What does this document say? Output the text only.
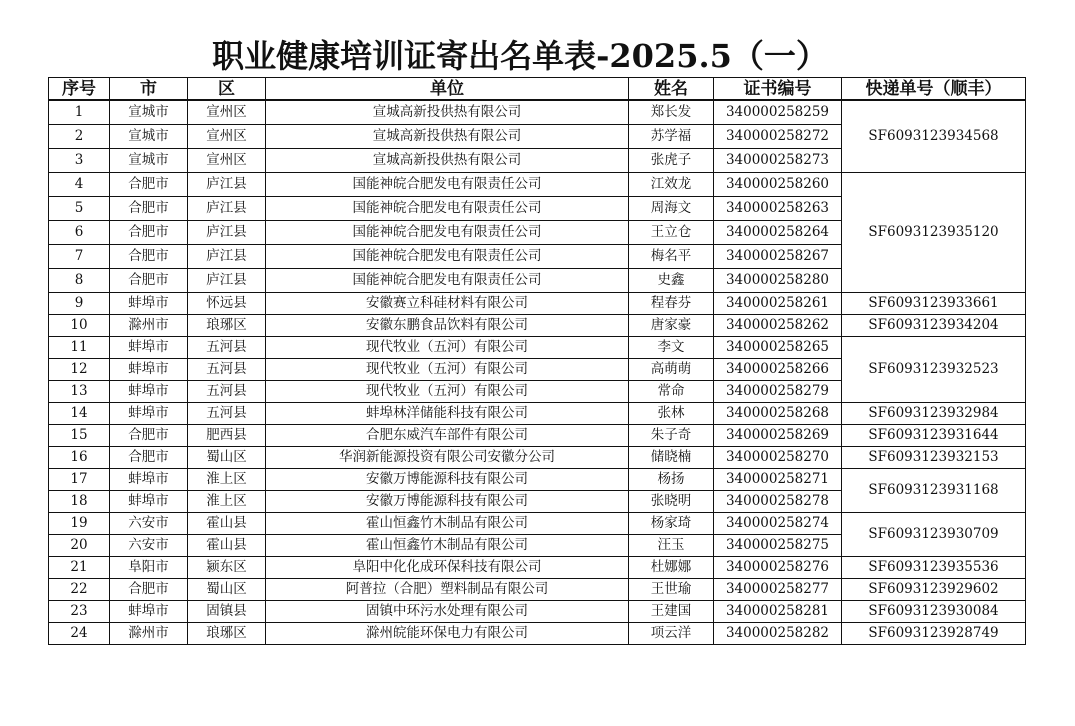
职业健康培训证寄出名单表-2025.5（一）
序号	市	区	单位	姓名	证书编号	快递单号（顺丰）
1	宣城市	宣州区	宣城高新投供热有限公司	郑长发	340000258259	SF6093123934568
2	宣城市	宣州区	宣城高新投供热有限公司	苏学福	340000258272	
3	宣城市	宣州区	宣城高新投供热有限公司	张虎子	340000258273	
4	合肥市	庐江县	国能神皖合肥发电有限责任公司	江效龙	340000258260	SF6093123935120
5	合肥市	庐江县	国能神皖合肥发电有限责任公司	周海文	340000258263	
6	合肥市	庐江县	国能神皖合肥发电有限责任公司	王立仓	340000258264	
7	合肥市	庐江县	国能神皖合肥发电有限责任公司	梅名平	340000258267	
8	合肥市	庐江县	国能神皖合肥发电有限责任公司	史鑫	340000258280	
9	蚌埠市	怀远县	安徽赛立科硅材料有限公司	程春芬	340000258261	SF6093123933661
10	滁州市	琅琊区	安徽东鹏食品饮料有限公司	唐家豪	340000258262	SF6093123934204
11	蚌埠市	五河县	现代牧业（五河）有限公司	李文	340000258265	SF6093123932523
12	蚌埠市	五河县	现代牧业（五河）有限公司	高萌萌	340000258266	
13	蚌埠市	五河县	现代牧业（五河）有限公司	常命	340000258279	
14	蚌埠市	五河县	蚌埠林洋储能科技有限公司	张林	340000258268	SF6093123932984
15	合肥市	肥西县	合肥东威汽车部件有限公司	朱子奇	340000258269	SF6093123931644
16	合肥市	蜀山区	华润新能源投资有限公司安徽分公司	储晓楠	340000258270	SF6093123932153
17	蚌埠市	淮上区	安徽万博能源科技有限公司	杨扬	340000258271	SF6093123931168
18	蚌埠市	淮上区	安徽万博能源科技有限公司	张晓明	340000258278	
19	六安市	霍山县	霍山恒鑫竹木制品有限公司	杨家琦	340000258274	SF6093123930709
20	六安市	霍山县	霍山恒鑫竹木制品有限公司	汪玉	340000258275	
21	阜阳市	颍东区	阜阳中化化成环保科技有限公司	杜娜娜	340000258276	SF6093123935536
22	合肥市	蜀山区	阿普拉（合肥）塑料制品有限公司	王世瑜	340000258277	SF6093123929602
23	蚌埠市	固镇县	固镇中环污水处理有限公司	王建国	340000258281	SF6093123930084
24	滁州市	琅琊区	滁州皖能环保电力有限公司	项云洋	340000258282	SF6093123928749
